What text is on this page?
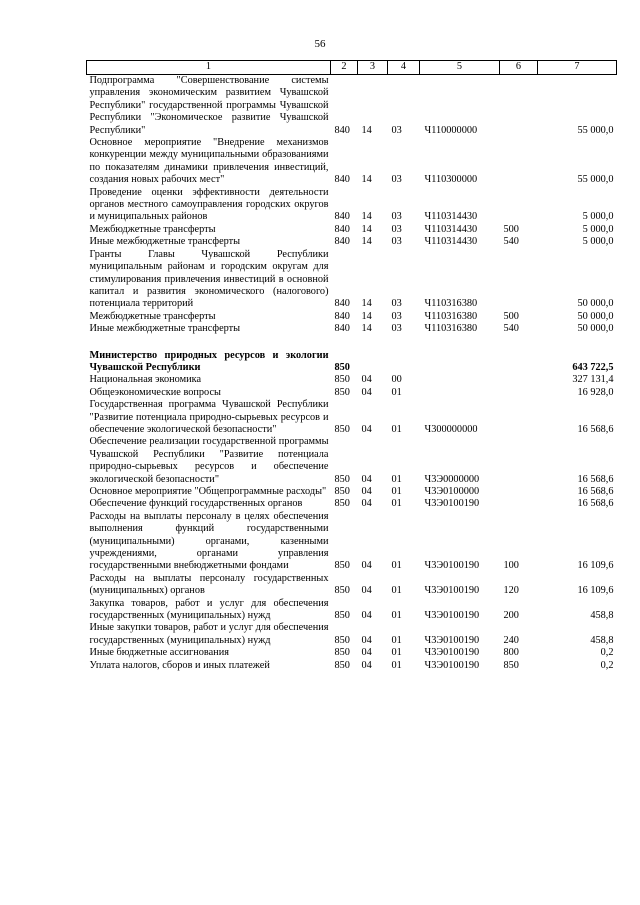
56
1	2	3	4	5	6	7
Подпрограмма "Совершенствование системы управления экономическим развитием Чувашской Республики" государственной программы Чувашской Республики "Экономическое развитие Чувашской Республики"	840	14	03	Ч110000000		55 000,0
Основное мероприятие "Внедрение механизмов конкуренции между муниципальными образованиями по показателям динамики привлечения инвестиций, создания новых рабочих мест"	840	14	03	Ч110300000		55 000,0
Проведение оценки эффективности деятельности органов местного самоуправления городских округов и муниципальных районов	840	14	03	Ч110314430		5 000,0
Межбюджетные трансферты	840	14	03	Ч110314430	500	5 000,0
Иные межбюджетные трансферты	840	14	03	Ч110314430	540	5 000,0
Гранты Главы Чувашской Республики муниципальным районам и городским округам для стимулирования привлечения инвестиций в основной капитал и развития экономического (налогового) потенциала территорий	840	14	03	Ч110316380		50 000,0
Межбюджетные трансферты	840	14	03	Ч110316380	500	50 000,0
Иные межбюджетные трансферты	840	14	03	Ч110316380	540	50 000,0

Министерство природных ресурсов и экологии Чувашской Республики	850					643 722,5
Национальная экономика	850	04	00			327 131,4
Общеэкономические вопросы	850	04	01			16 928,0
Государственная программа Чувашской Республики "Развитие потенциала природно-сырьевых ресурсов и обеспечение экологической безопасности"	850	04	01	Ч300000000		16 568,6
Обеспечение реализации государственной программы Чувашской Республики "Развитие потенциала природно-сырьевых ресурсов и обеспечение экологической безопасности"	850	04	01	Ч3Э0000000		16 568,6
Основное мероприятие "Общепрограммные расходы"	850	04	01	Ч3Э0100000		16 568,6
Обеспечение функций государственных органов	850	04	01	Ч3Э0100190		16 568,6
Расходы на выплаты персоналу в целях обеспечения выполнения функций государственными (муниципальными) органами, казенными учреждениями, органами управления государственными внебюджетными фондами	850	04	01	Ч3Э0100190	100	16 109,6
Расходы на выплаты персоналу государственных (муниципальных) органов	850	04	01	Ч3Э0100190	120	16 109,6
Закупка товаров, работ и услуг для обеспечения государственных (муниципальных) нужд	850	04	01	Ч3Э0100190	200	458,8
Иные закупки товаров, работ и услуг для обеспечения государственных (муниципальных) нужд	850	04	01	Ч3Э0100190	240	458,8
Иные бюджетные ассигнования	850	04	01	Ч3Э0100190	800	0,2
Уплата налогов, сборов и иных платежей	850	04	01	Ч3Э0100190	850	0,2
